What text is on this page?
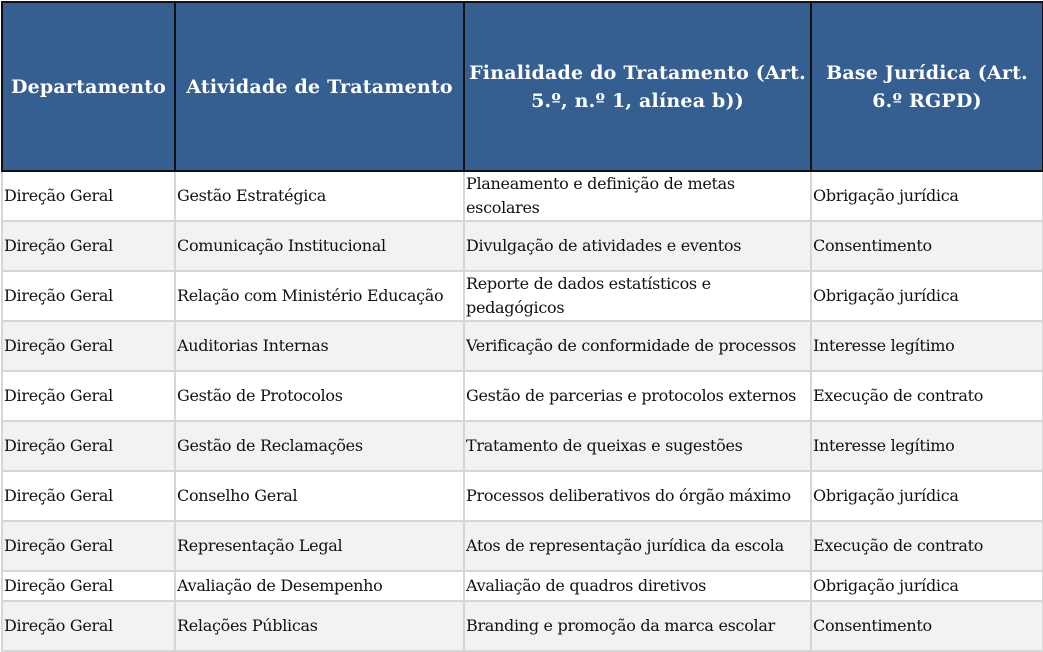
Departamento	Atividade de Tratamento	Finalidade do Tratamento (Art. 5.º, n.º 1, alínea b))	Base Jurídica (Art. 6.º RGPD)
Direção Geral	Gestão Estratégica	Planeamento e definição de metas escolares	Obrigação jurídica
Direção Geral	Comunicação Institucional	Divulgação de atividades e eventos	Consentimento
Direção Geral	Relação com Ministério Educação	Reporte de dados estatísticos e pedagógicos	Obrigação jurídica
Direção Geral	Auditorias Internas	Verificação de conformidade de processos	Interesse legítimo
Direção Geral	Gestão de Protocolos	Gestão de parcerias e protocolos externos	Execução de contrato
Direção Geral	Gestão de Reclamações	Tratamento de queixas e sugestões	Interesse legítimo
Direção Geral	Conselho Geral	Processos deliberativos do órgão máximo	Obrigação jurídica
Direção Geral	Representação Legal	Atos de representação jurídica da escola	Execução de contrato
Direção Geral	Avaliação de Desempenho	Avaliação de quadros diretivos	Obrigação jurídica
Direção Geral	Relações Públicas	Branding e promoção da marca escolar	Consentimento
